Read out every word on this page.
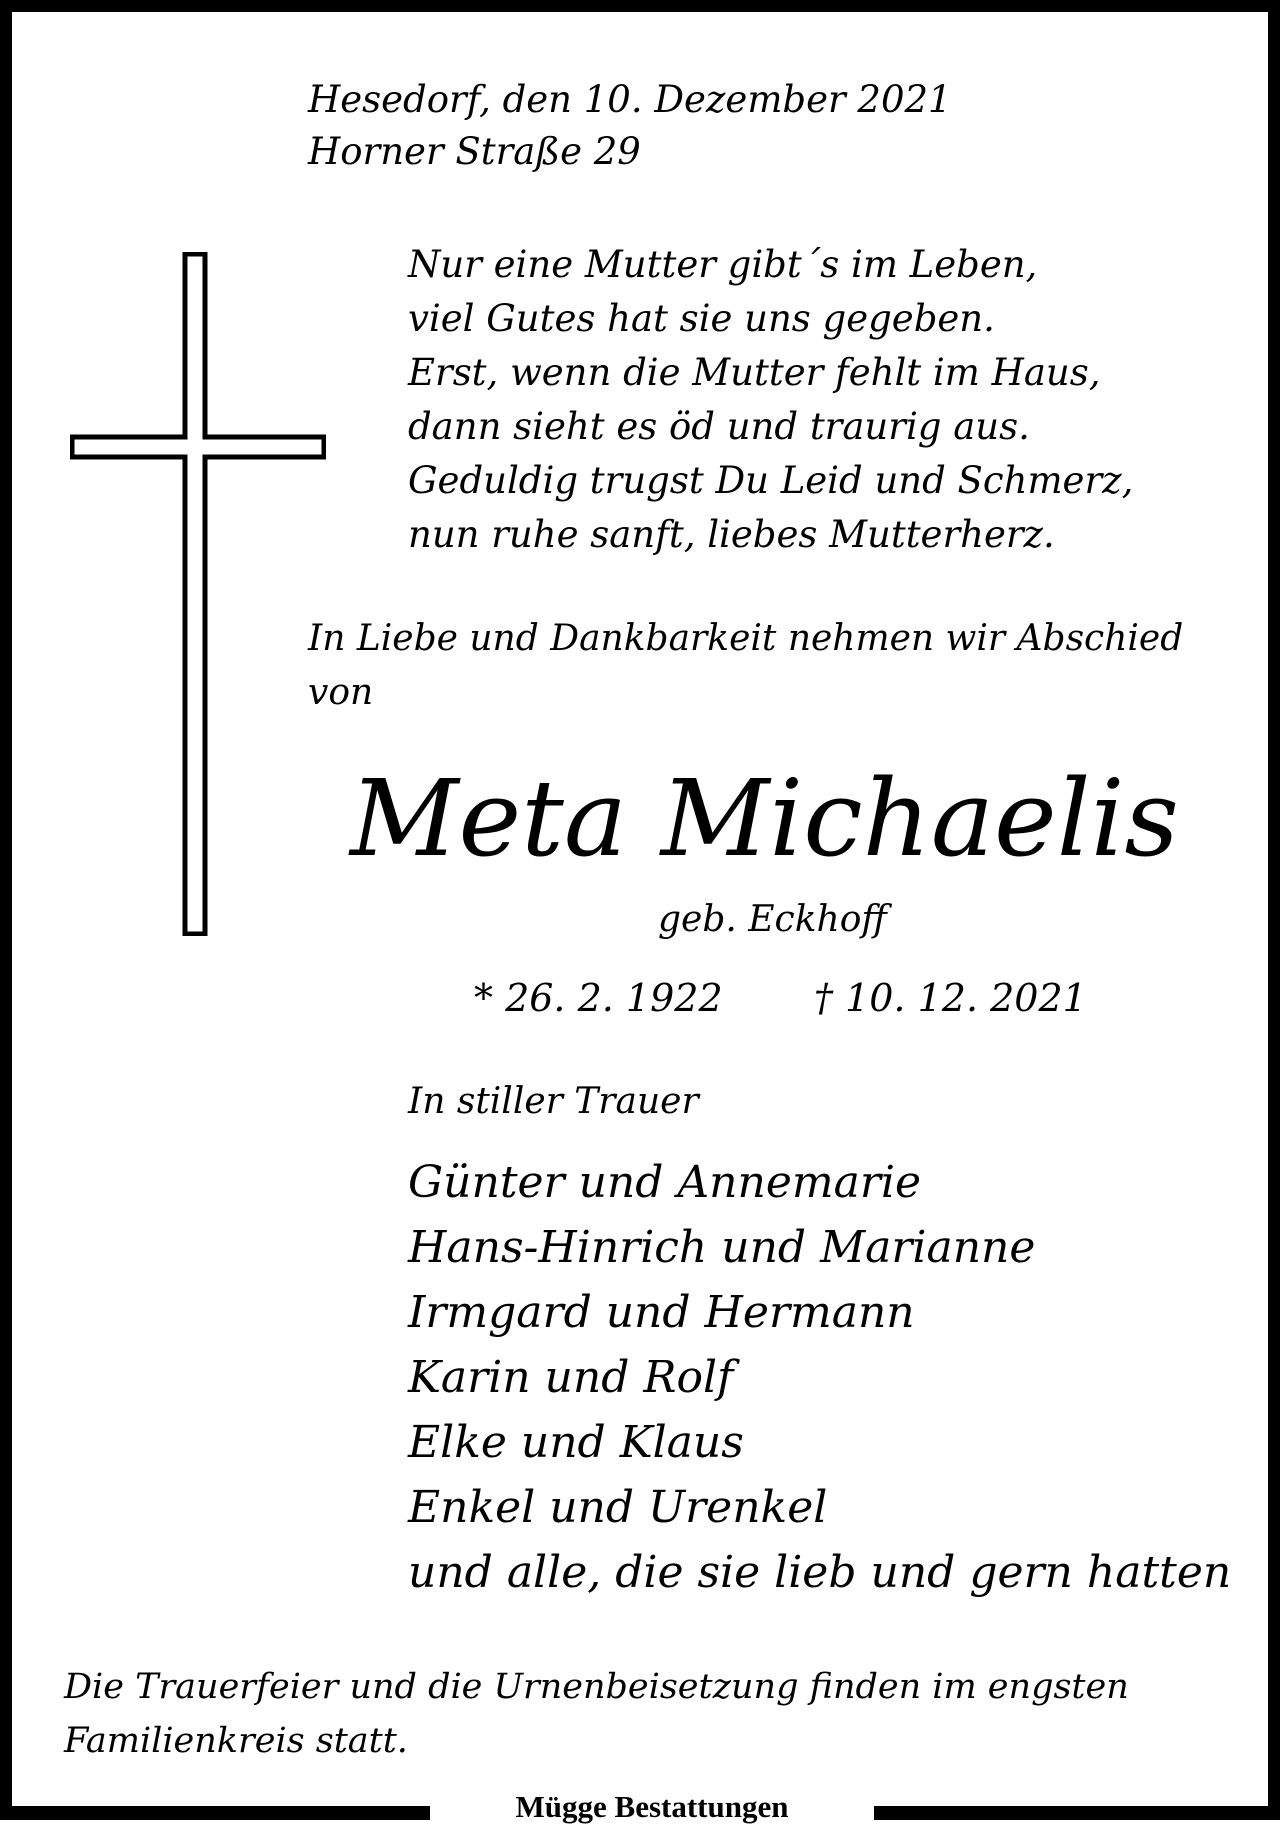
Hesedorf, den 10. Dezember 2021
Horner Straße 29
Nur eine Mutter gibt´s im Leben,
viel Gutes hat sie uns gegeben.
Erst, wenn die Mutter fehlt im Haus,
dann sieht es öd und traurig aus.
Geduldig trugst Du Leid und Schmerz,
nun ruhe sanft, liebes Mutterherz.
In Liebe und Dankbarkeit nehmen wir Abschied
von
Meta Michaelis
geb. Eckhoff
* 26. 2. 1922 † 10. 12. 2021
In stiller Trauer
Günter und Annemarie
Hans-Hinrich und Marianne
Irmgard und Hermann
Karin und Rolf
Elke und Klaus
Enkel und Urenkel
und alle, die sie lieb und gern hatten
Die Trauerfeier und die Urnenbeisetzung finden im engsten
Familienkreis statt.
Mügge Bestattungen
